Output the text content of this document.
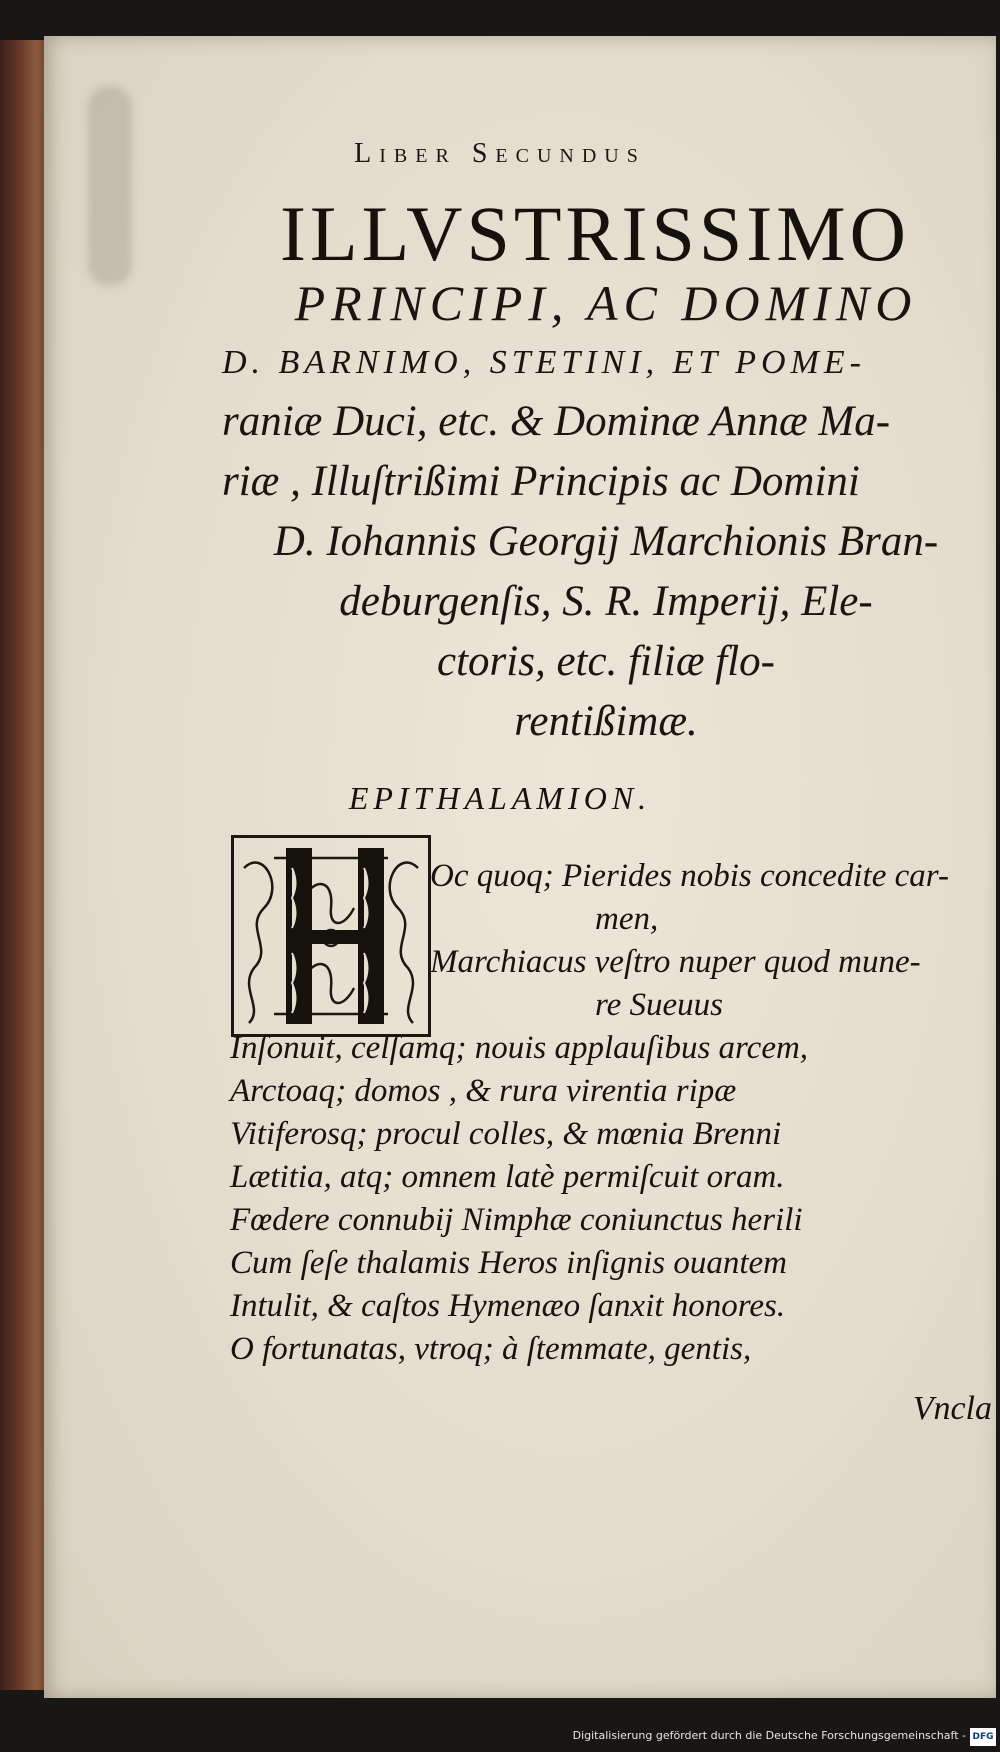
Liber Secundus
ILLVSTRISSIMO
PRINCIPI, AC DOMINO
D. BARNIMO, STETINI, ET POME-
raniæ Duci, etc. & Dominæ Annæ Ma-
riæ , Illuſtrißimi Principis ac Domini
D. Iohannis Georgij Marchionis Bran-
deburgenſis, S. R. Imperij, Ele-
ctoris, etc. filiæ flo-
rentißimæ.
EPITHALAMION.
Oc quoq; Pierides nobis concedite car-
men,
Marchiacus veſtro nuper quod mune-
re Sueuus
Inſonuit, celſamq; nouis applauſibus arcem,
Arctoaq; domos , & rura virentia ripæ
Vitiferosq; procul colles, & mœnia Brenni
Lætitia, atq; omnem latè permiſcuit oram.
Fœdere connubij Nimphæ coniunctus herili
Cum ſeſe thalamis Heros inſignis ouantem
Intulit, & caſtos Hymenæo ſanxit honores.
O fortunatas, vtroq; à ſtemmate, gentis,
Vncla
Digitalisierung gefördert durch die Deutsche Forschungsgemeinschaft - DFG
